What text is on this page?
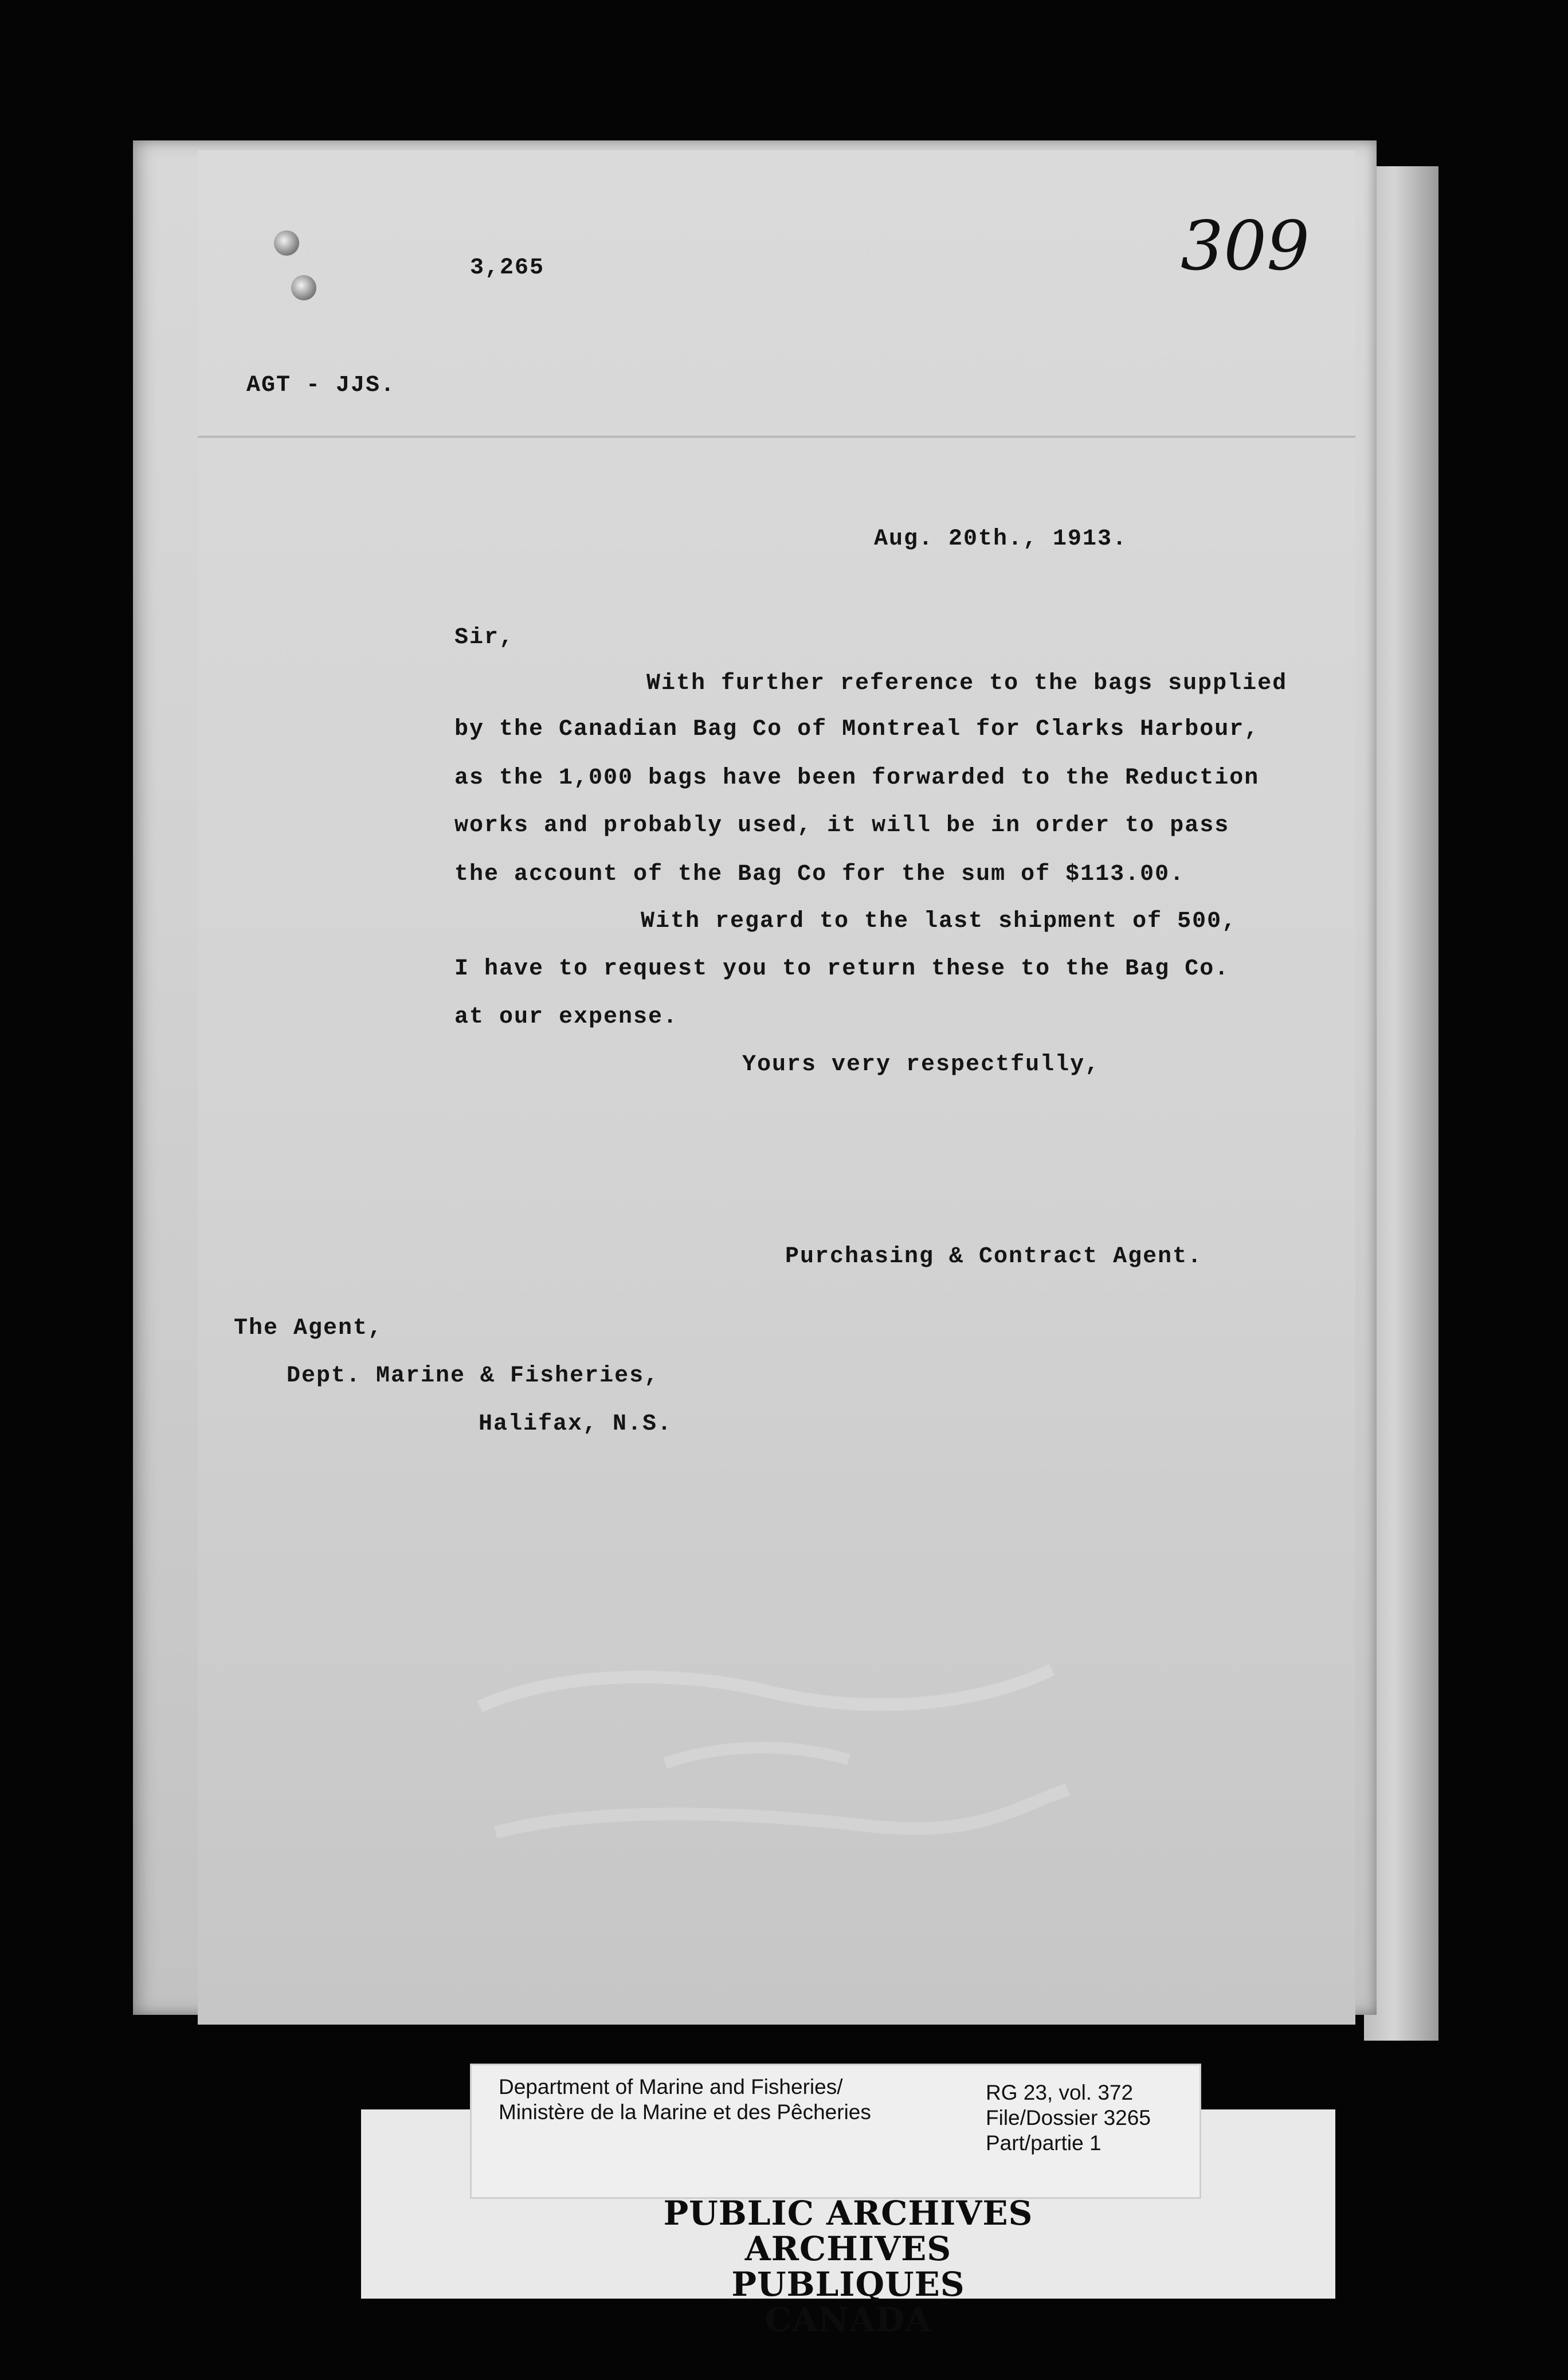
3,265	309
AGT - JJS.
Aug. 20th., 1913.
Sir,
With further reference to the bags supplied
by the Canadian Bag Co of Montreal for Clarks Harbour,
as the 1,000 bags have been forwarded to the Reduction
works and probably used, it will be in order to pass
the account of the Bag Co for the sum of $113.00.
With regard to the last shipment of 500,
I have to request you to return these to the Bag Co.
at our expense.
Yours very respectfully,
Purchasing & Contract Agent.
The Agent,
Dept. Marine & Fisheries,
Halifax, N.S.
Department of Marine and Fisheries/
Ministère de la Marine et des Pêcheries
RG 23, vol. 372
File/Dossier 3265
Part/partie 1
PUBLIC ARCHIVES
ARCHIVES PUBLIQUES
CANADA
